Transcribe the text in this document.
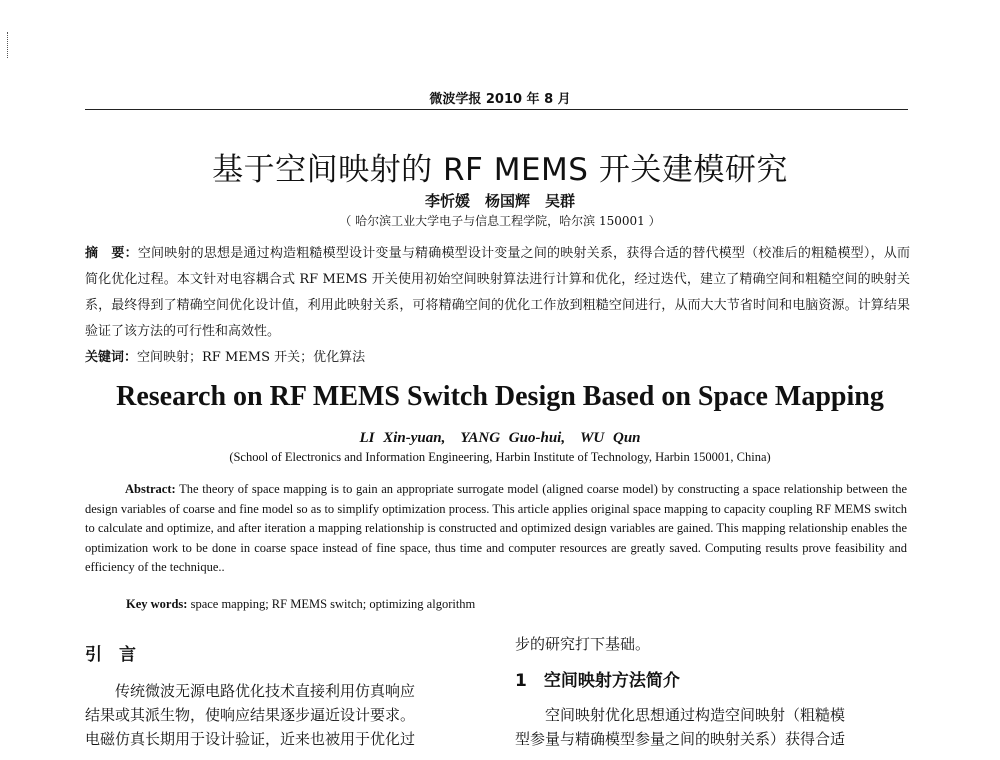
微波学报 2010 年 8 月
基于空间映射的 RF MEMS 开关建模研究
李忻媛　杨国辉　吴群
（ 哈尔滨工业大学电子与信息工程学院，哈尔滨 150001 ）
摘　要：空间映射的思想是通过构造粗糙模型设计变量与精确模型设计变量之间的映射关系，获得合适的替代模型（校准后的粗糙模型），从而简化优化过程。本文针对电容耦合式 RF MEMS 开关使用初始空间映射算法进行计算和优化，经过迭代，建立了精确空间和粗糙空间的映射关系，最终得到了精确空间优化设计值，利用此映射关系，可将精确空间的优化工作放到粗糙空间进行，从而大大节省时间和电脑资源。计算结果验证了该方法的可行性和高效性。
关键词：空间映射；RF MEMS 开关；优化算法
Research on RF MEMS Switch Design Based on Space Mapping
LI Xin-yuan,　YANG Guo-hui,　WU Qun
(School of Electronics and Information Engineering, Harbin Institute of Technology, Harbin 150001, China)
Abstract: The theory of space mapping is to gain an appropriate surrogate model (aligned coarse model) by constructing a space relationship between the design variables of coarse and fine model so as to simplify optimization process. This article applies original space mapping to capacity coupling RF MEMS switch to calculate and optimize, and after iteration a mapping relationship is constructed and optimized design variables are gained. This mapping relationship enables the optimization work to be done in coarse space instead of fine space, thus time and computer resources are greatly saved. Computing results prove feasibility and efficiency of the technique..
Key words: space mapping; RF MEMS switch; optimizing algorithm
引　言

传统微波无源电路优化技术直接利用仿真响应

结果或其派生物，使响应结果逐步逼近设计要求。

电磁仿真长期用于设计验证，近来也被用于优化过

步的研究打下基础。

1　空间映射方法简介

空间映射优化思想通过构造空间映射（粗糙模

型参量与精确模型参量之间的映射关系）获得合适
